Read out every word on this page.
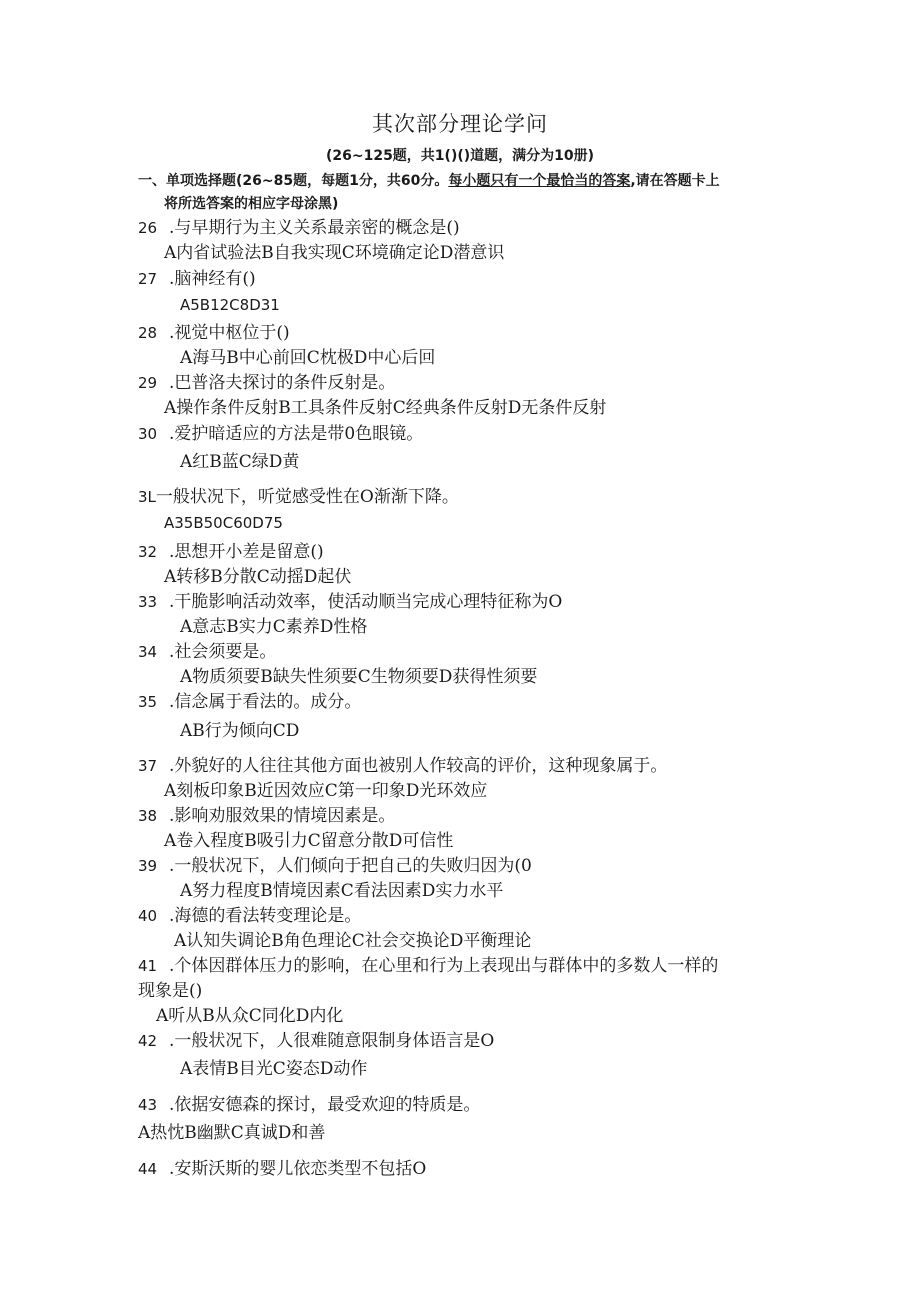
其次部分理论学问
(26~125题，共1()()道题，满分为10册)
一、单项选择题(26~85题，每题1分，共60分。每小题只有一个最恰当的答案,请在答题卡上
将所选答案的相应字母涂黑)
26 .与早期行为主义关系最亲密的概念是()
A内省试验法B自我实现C环境确定论D潜意识
27 .脑神经有()
A5B12C8D31
28 .视觉中枢位于()
A海马B中心前回C枕极D中心后回
29 .巴普洛夫探讨的条件反射是。
A操作条件反射B工具条件反射C经典条件反射D无条件反射
30 .爱护暗适应的方法是带0色眼镜。
A红B蓝C绿D黄
3L一般状况下，听觉感受性在O渐渐下降。
A35B50C60D75
32 .思想开小差是留意()
A转移B分散C动摇D起伏
33 .干脆影响活动效率，使活动顺当完成心理特征称为O
A意志B实力C素养D性格
34 .社会须要是。
A物质须要B缺失性须要C生物须要D获得性须要
35 .信念属于看法的。成分。
AB行为倾向CD
37 .外貌好的人往往其他方面也被别人作较高的评价，这种现象属于。
A刻板印象B近因效应C第一印象D光环效应
38 .影响劝服效果的情境因素是。
A卷入程度B吸引力C留意分散D可信性
39 .一般状况下，人们倾向于把自己的失败归因为(0
A努力程度B情境因素C看法因素D实力水平
40 .海德的看法转变理论是。
A认知失调论B角色理论C社会交换论D平衡理论
41 .个体因群体压力的影响，在心里和行为上表现出与群体中的多数人一样的
现象是()
A听从B从众C同化D内化
42 .一般状况下，人很难随意限制身体语言是O
A表情B目光C姿态D动作
43 .依据安德森的探讨，最受欢迎的特质是。
A热忱B幽默C真诚D和善
44 .安斯沃斯的婴儿依恋类型不包括O
